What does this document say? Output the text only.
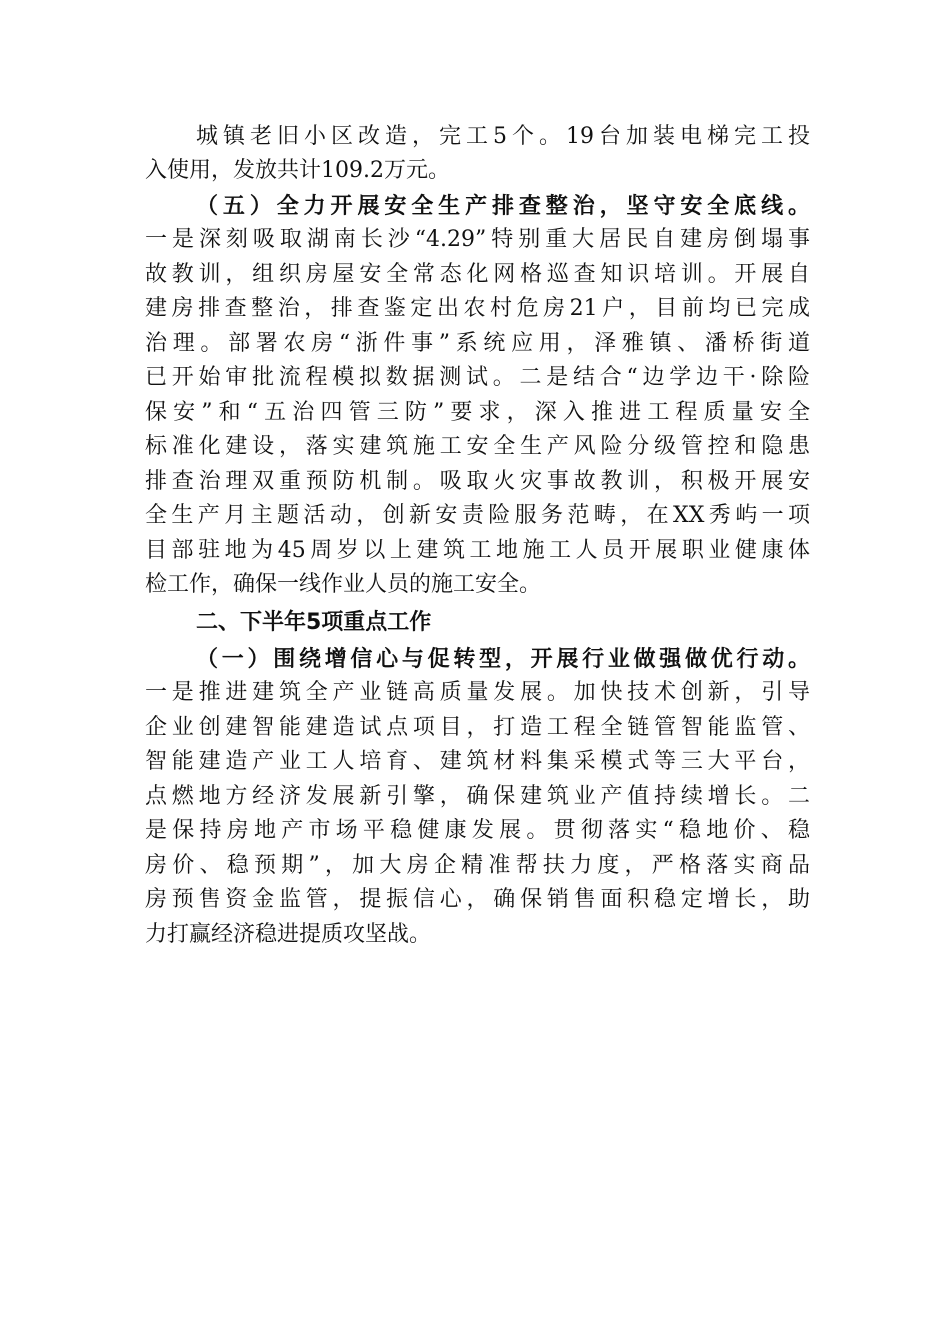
城镇老旧小区改造，完工5个。19台加装电梯完工投
入使用，发放共计109.2万元。
（五）全力开展安全生产排查整治，坚守安全底线。
一是深刻吸取湖南长沙“4.29”特别重大居民自建房倒塌事
故教训，组织房屋安全常态化网格巡查知识培训。开展自
建房排查整治，排查鉴定出农村危房21户，目前均已完成
治理。部署农房“浙件事”系统应用，泽雅镇、潘桥街道
已开始审批流程模拟数据测试。二是结合“边学边干·除险
保安”和“五治四管三防”要求，深入推进工程质量安全
标准化建设，落实建筑施工安全生产风险分级管控和隐患
排查治理双重预防机制。吸取火灾事故教训，积极开展安
全生产月主题活动，创新安责险服务范畴，在XX秀屿一项
目部驻地为45周岁以上建筑工地施工人员开展职业健康体
检工作，确保一线作业人员的施工安全。
二、下半年5项重点工作
（一）围绕增信心与促转型，开展行业做强做优行动。
一是推进建筑全产业链高质量发展。加快技术创新，引导
企业创建智能建造试点项目，打造工程全链管智能监管、
智能建造产业工人培育、建筑材料集采模式等三大平台，
点燃地方经济发展新引擎，确保建筑业产值持续增长。二
是保持房地产市场平稳健康发展。贯彻落实“稳地价、稳
房价、稳预期”，加大房企精准帮扶力度，严格落实商品
房预售资金监管，提振信心，确保销售面积稳定增长，助
力打赢经济稳进提质攻坚战。
